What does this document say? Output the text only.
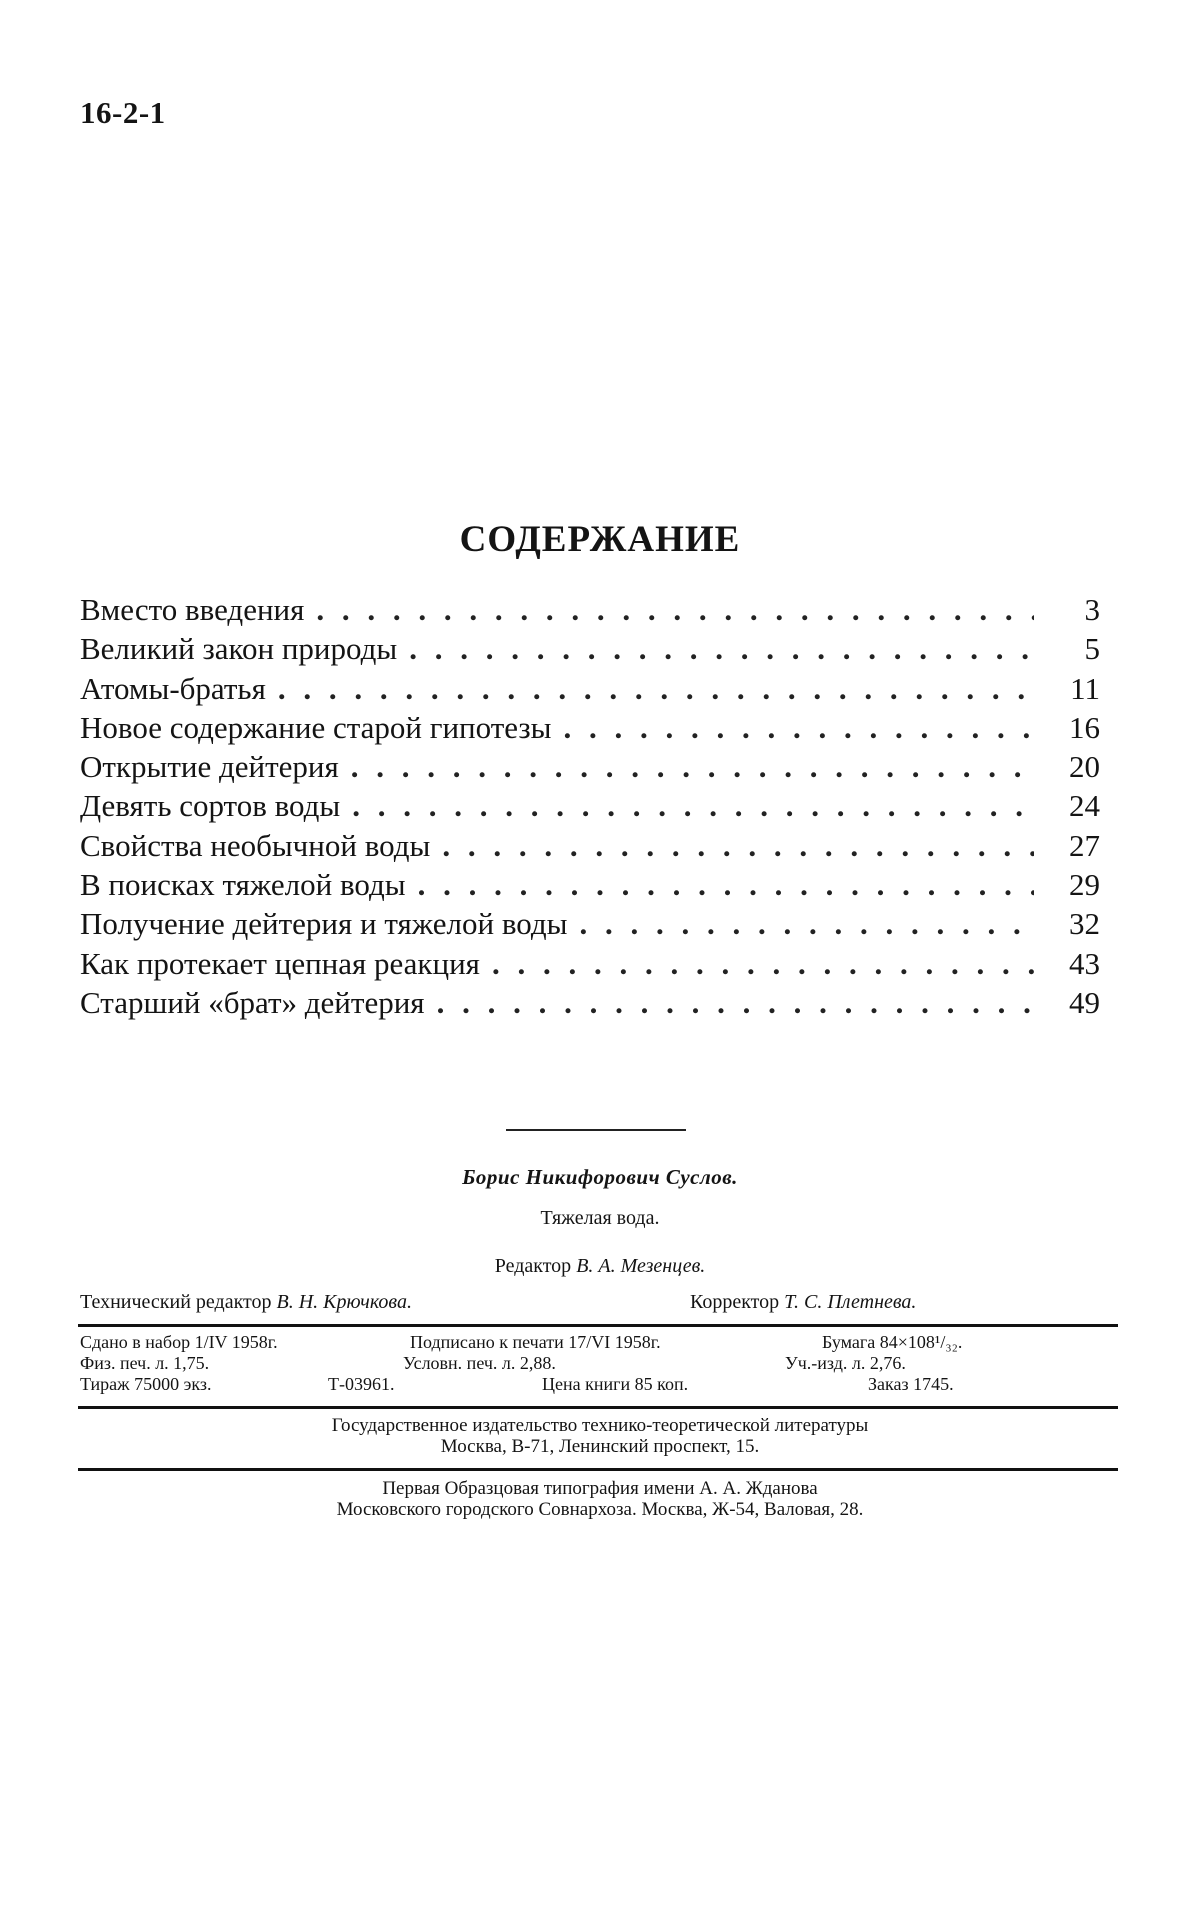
16-2-1
СОДЕРЖАНИЕ
Вместо введения . . .	3
Великий закон природы . . .	5
Атомы-братья . . .	11
Новое содержание старой гипотезы . . .	16
Открытие дейтерия . . .	20
Девять сортов воды . . .	24
Свойства необычной воды . . .	27
В поисках тяжелой воды . . .	29
Получение дейтерия и тяжелой воды . . .	32
Как протекает цепная реакция . . .	43
Старший «брат» дейтерия . . .	49
Борис Никифорович Суслов.
Тяжелая вода.
Редактор В. А. Мезенцев.
Технический редактор В. Н. Крючкова.	Корректор Т. С. Плетнева.
Сдано в набор 1/IV 1958г.	Подписано к печати 17/VI 1958г.	Бумага 84×108¹/₃₂.
Физ. печ. л. 1,75.	Условн. печ. л. 2,88.	Уч.-изд. л. 2,76.
Тираж 75000 экз.	Т-03961.	Цена книги 85 коп.	Заказ 1745.
Государственное издательство технико-теоретической литературы
Москва, В-71, Ленинский проспект, 15.
Первая Образцовая типография имени А. А. Жданова
Московского городского Совнархоза. Москва, Ж-54, Валовая, 28.
